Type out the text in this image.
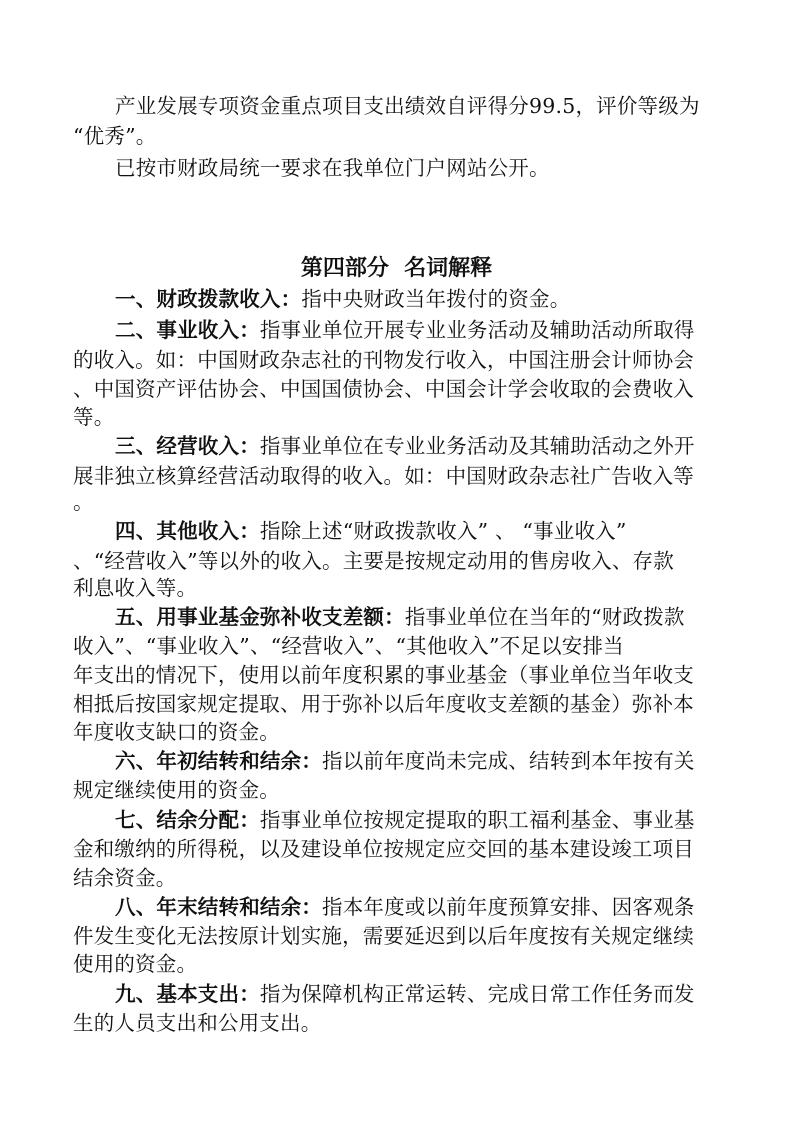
产业发展专项资金重点项目支出绩效自评得分99.5，评价等级为
“优秀”。
已按市财政局统一要求在我单位门户网站公开。
第四部分  名词解释
一、财政拨款收入：指中央财政当年拨付的资金。
二、事业收入：指事业单位开展专业业务活动及辅助活动所取得
的收入。如：中国财政杂志社的刊物发行收入，中国注册会计师协会
、中国资产评估协会、中国国债协会、中国会计学会收取的会费收入
等。
三、经营收入：指事业单位在专业业务活动及其辅助活动之外开
展非独立核算经营活动取得的收入。如：中国财政杂志社广告收入等
。
四、其他收入：指除上述“财政拨款收入” 、 “事业收入”
、“经营收入”等以外的收入。主要是按规定动用的售房收入、存款
利息收入等。
五、用事业基金弥补收支差额：指事业单位在当年的“财政拨款
收入”、“事业收入”、“经营收入”、“其他收入”不足以安排当
年支出的情况下，使用以前年度积累的事业基金（事业单位当年收支
相抵后按国家规定提取、用于弥补以后年度收支差额的基金）弥补本
年度收支缺口的资金。
六、年初结转和结余：指以前年度尚未完成、结转到本年按有关
规定继续使用的资金。
七、结余分配：指事业单位按规定提取的职工福利基金、事业基
金和缴纳的所得税，以及建设单位按规定应交回的基本建设竣工项目
结余资金。
八、年末结转和结余：指本年度或以前年度预算安排、因客观条
件发生变化无法按原计划实施，需要延迟到以后年度按有关规定继续
使用的资金。
九、基本支出：指为保障机构正常运转、完成日常工作任务而发
生的人员支出和公用支出。
